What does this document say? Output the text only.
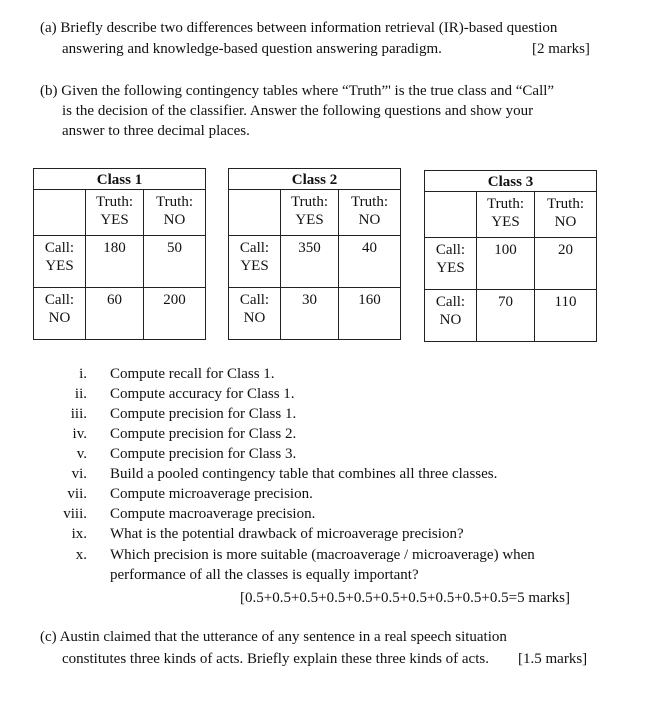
(a) Briefly describe two differences between information retrieval (IR)-based question
answering and knowledge-based question answering paradigm.	[2 marks]
(b) Given the following contingency tables where “Truth”' is the true class and “Call”
is the decision of the classifier. Answer the following questions and show your
answer to three decimal places.
Class 1		
	Truth:
YES	Truth:
NO
Call:
YES	180	50
Call:
NO	60	200
Class 2		
	Truth:
YES	Truth:
NO
Call:
YES	350	40
Call:
NO	30	160
Class 3		
	Truth:
YES	Truth:
NO
Call:
YES	100	20
Call:
NO	70	110
i. Compute recall for Class 1.
ii. Compute accuracy for Class 1.
iii. Compute precision for Class 1.
iv. Compute precision for Class 2.
v. Compute precision for Class 3.
vi. Build a pooled contingency table that combines all three classes.
vii. Compute microaverage precision.
viii. Compute macroaverage precision.
ix. What is the potential drawback of microaverage precision?
x. Which precision is more suitable (macroaverage / microaverage) when
performance of all the classes is equally important?
[0.5+0.5+0.5+0.5+0.5+0.5+0.5+0.5+0.5+0.5=5 marks]
(c) Austin claimed that the utterance of any sentence in a real speech situation
constitutes three kinds of acts. Briefly explain these three kinds of acts. [1.5 marks]
